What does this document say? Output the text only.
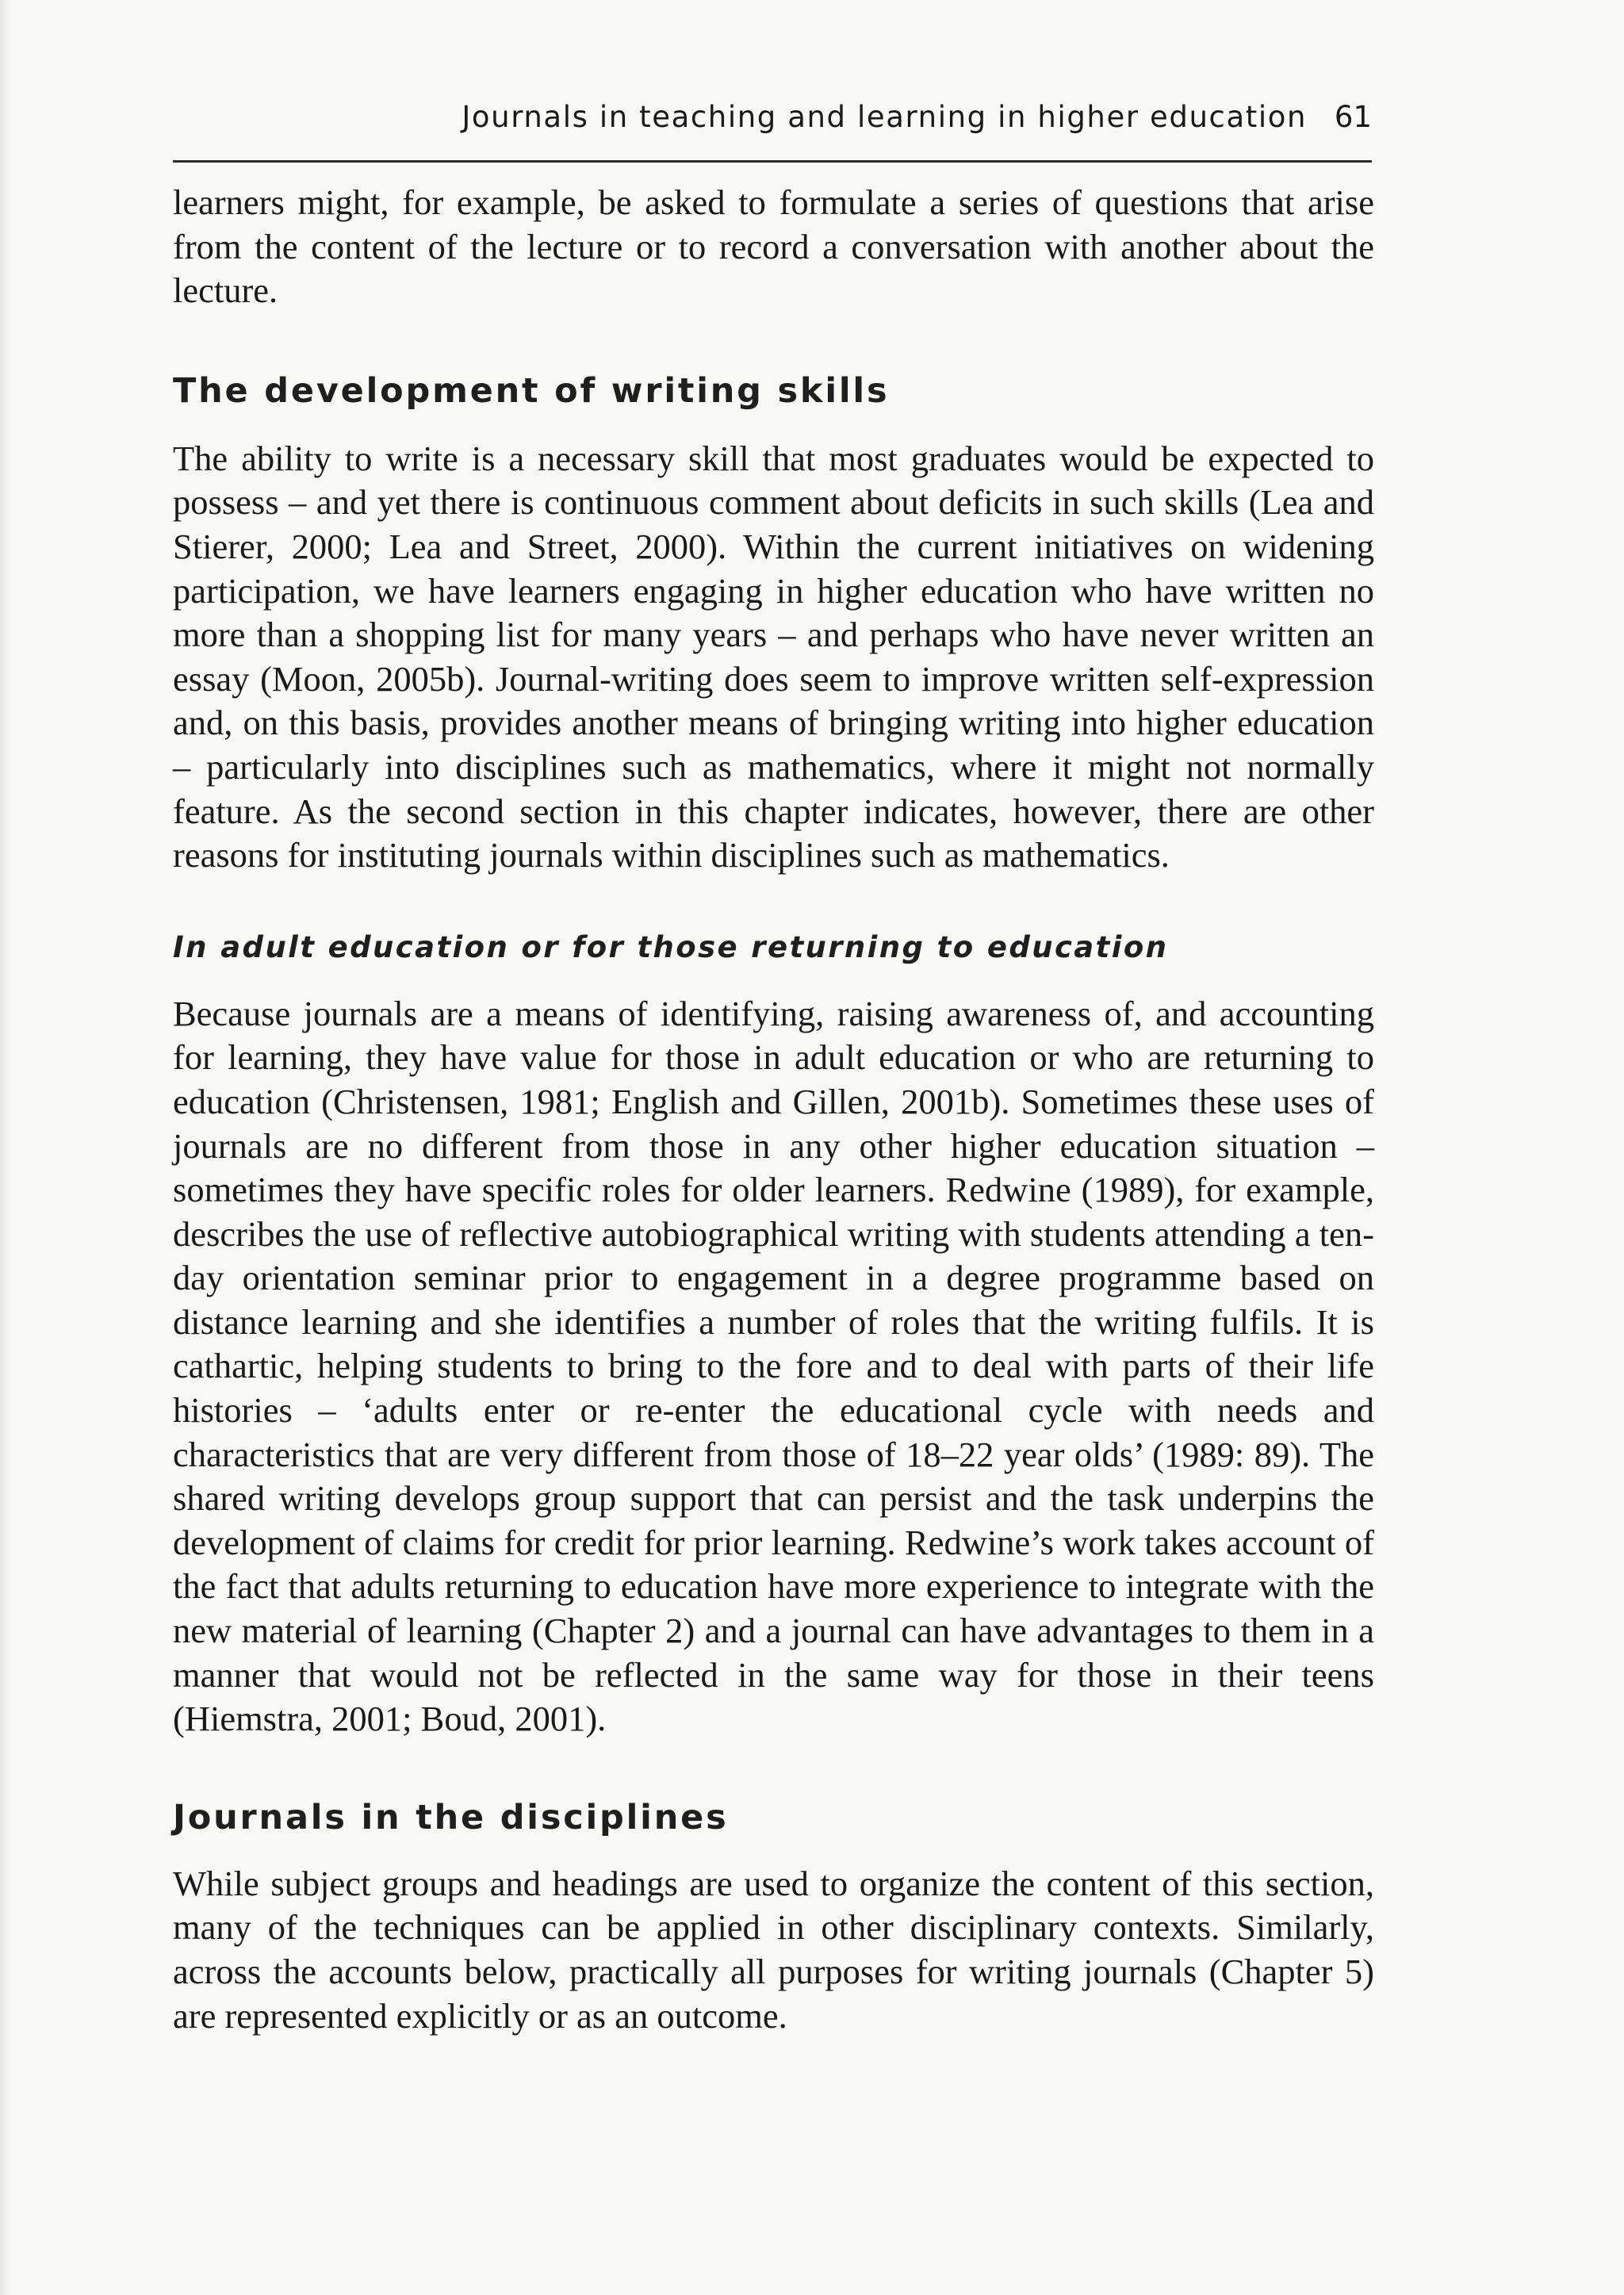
Journals in teaching and learning in higher education 61

learners might, for example, be asked to formulate a series of questions that arise from the content of the lecture or to record a conversation with another about the lecture.

The development of writing skills

The ability to write is a necessary skill that most graduates would be expected to possess – and yet there is continuous comment about deficits in such skills (Lea and Stierer, 2000; Lea and Street, 2000). Within the current initiatives on widening participation, we have learners engaging in higher education who have written no more than a shopping list for many years – and perhaps who have never written an essay (Moon, 2005b). Journal-writing does seem to improve written self-expression and, on this basis, provides another means of bringing writing into higher education – particularly into disciplines such as mathematics, where it might not normally feature. As the second section in this chapter indicates, however, there are other reasons for instituting journals within disciplines such as mathematics.

In adult education or for those returning to education

Because journals are a means of identifying, raising awareness of, and accounting for learning, they have value for those in adult education or who are returning to education (Christensen, 1981; English and Gillen, 2001b). Sometimes these uses of journals are no different from those in any other higher education situation – sometimes they have specific roles for older learners. Redwine (1989), for example, describes the use of reflective autobiographical writing with students attending a ten-day orientation seminar prior to engagement in a degree programme based on distance learning and she identifies a number of roles that the writing fulfils. It is cathartic, helping students to bring to the fore and to deal with parts of their life histories – ‘adults enter or re-enter the educational cycle with needs and characteristics that are very different from those of 18–22 year olds’ (1989: 89). The shared writing develops group support that can persist and the task underpins the development of claims for credit for prior learning. Redwine’s work takes account of the fact that adults returning to education have more experience to integrate with the new material of learning (Chapter 2) and a journal can have advantages to them in a manner that would not be reflected in the same way for those in their teens (Hiemstra, 2001; Boud, 2001).

Journals in the disciplines

While subject groups and headings are used to organize the content of this section, many of the techniques can be applied in other disciplinary contexts. Similarly, across the accounts below, practically all purposes for writing journals (Chapter 5) are represented explicitly or as an outcome.
